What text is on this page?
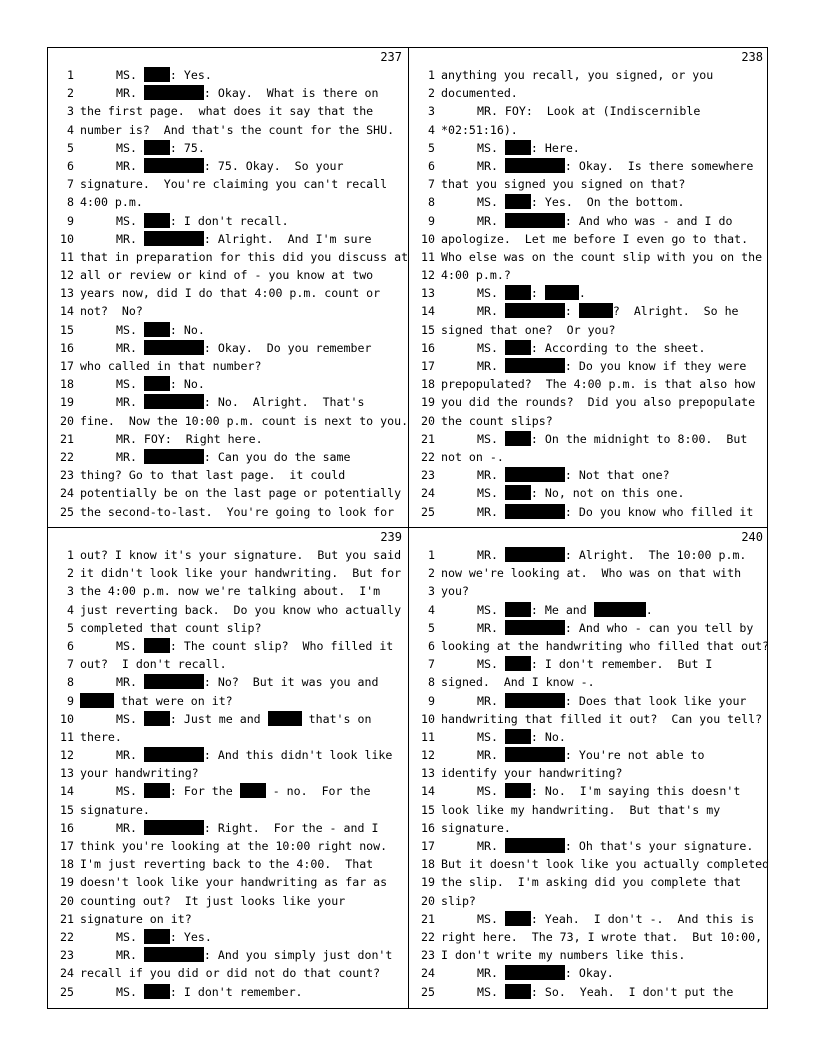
237
1	MS. : Yes.
2	MR.	: Okay.  What is there on
3 the first page.  what does it say that the
4 number is?  And that's the count for the SHU.
5	MS. : 75.
6	MR.	: 75. Okay.  So your
7 signature.  You're claiming you can't recall
8 4:00 p.m.
9	MS. : I don't recall.
10	MR.	: Alright.  And I'm sure
11 that in preparation for this did you discuss at
12 all or review or kind of - you know at two
13 years now, did I do that 4:00 p.m. count or
14 not?  No?
15	MS. : No.
16	MR.	: Okay.  Do you remember
17 who called in that number?
18	MS. : No.
19	MR.	: No.  Alright.  That's
20 fine.  Now the 10:00 p.m. count is next to you.
21	MR. FOY:  Right here.
22	MR.	: Can you do the same
23 thing? Go to that last page.  it could
24 potentially be on the last page or potentially
25 the second-to-last.  You're going to look for
238
1 anything you recall, you signed, or you
2 documented.
3	MR. FOY:  Look at (Indiscernible
4 *02:51:16).
5	MS. : Here.
6	MR.	: Okay.  Is there somewhere
7 that you signed you signed on that?
8	MS. : Yes.  On the bottom.
9	MR.	: And who was - and I do
10 apologize.  Let me before I even go to that.
11 Who else was on the count slip with you on the
12 4:00 p.m.?
13	MS. :	.
14	MR.	:	?  Alright.  So he
15 signed that one?  Or you?
16	MS. : According to the sheet.
17	MR.	: Do you know if they were
18 prepopulated?  The 4:00 p.m. is that also how
19 you did the rounds?  Did you also prepopulate
20 the count slips?
21	MS. : On the midnight to 8:00.  But
22 not on -.
23	MR.	: Not that one?
24	MS. : No, not on this one.
25	MR.	: Do you know who filled it
239
1 out? I know it's your signature.  But you said
2 it didn't look like your handwriting.  But for
3 the 4:00 p.m. now we're talking about.  I'm
4 just reverting back.  Do you know who actually
5 completed that count slip?
6	MS. : The count slip?  Who filled it
7 out?  I don't recall.
8	MR.	: No?  But it was you and
9	that were on it?
10	MS. : Just me and	that's on
11 there.
12	MR.	: And this didn't look like
13 your handwriting?
14	MS. : For the  - no.  For the
15 signature.
16	MR.	: Right.  For the - and I
17 think you're looking at the 10:00 right now.
18 I'm just reverting back to the 4:00.  That
19 doesn't look like your handwriting as far as
20 counting out?  It just looks like your
21 signature on it?
22	MS. : Yes.
23	MR.	: And you simply just don't
24 recall if you did or did not do that count?
25	MS. : I don't remember.
240
1	MR.	: Alright.  The 10:00 p.m.
2 now we're looking at.  Who was on that with
3 you?
4	MS. : Me and	.
5	MR.	: And who - can you tell by
6 looking at the handwriting who filled that out?
7	MS. : I don't remember.  But I
8 signed.  And I know -.
9	MR.	: Does that look like your
10 handwriting that filled it out?  Can you tell?
11	MS. : No.
12	MR.	: You're not able to
13 identify your handwriting?
14	MS. : No.  I'm saying this doesn't
15 look like my handwriting.  But that's my
16 signature.
17	MR.	: Oh that's your signature.
18 But it doesn't look like you actually completed
19 the slip.  I'm asking did you complete that
20 slip?
21	MS. : Yeah.  I don't -.  And this is
22 right here.  The 73, I wrote that.  But 10:00,
23 I don't write my numbers like this.
24	MR.	: Okay.
25	MS. : So.  Yeah.  I don't put the
